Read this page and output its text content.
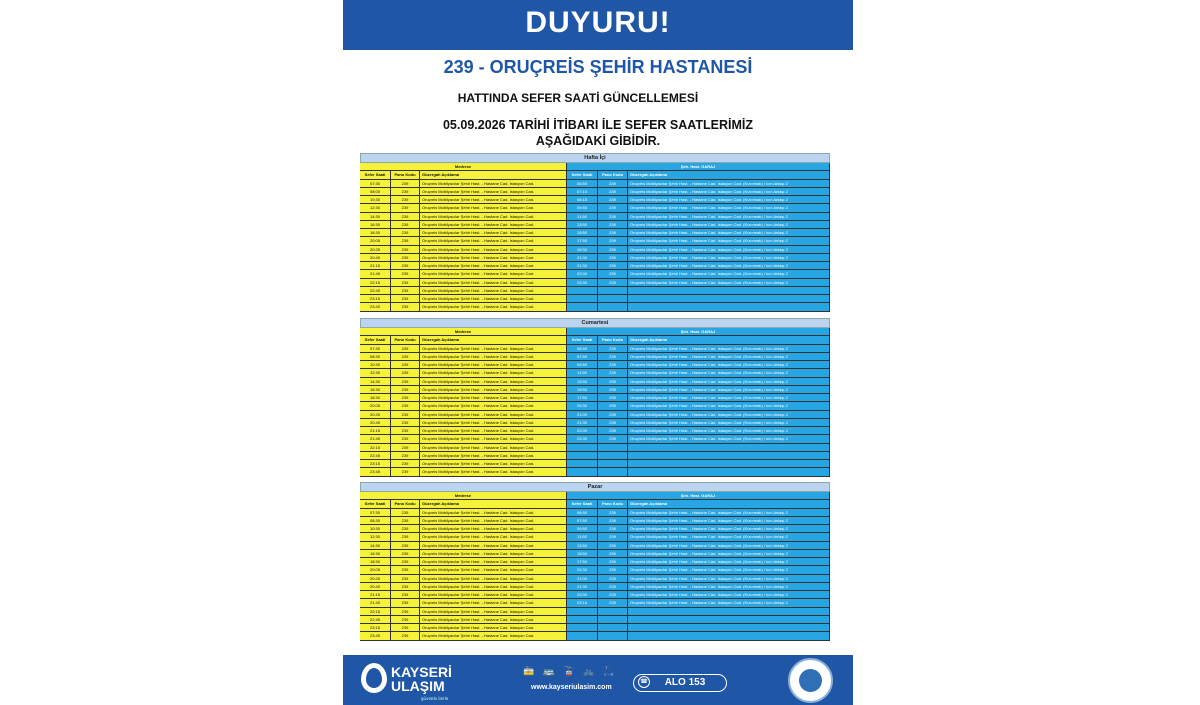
DUYURU!
239 - ORUÇREİS ŞEHİR HASTANESİ
HATTINDA SEFER SAATİ GÜNCELLEMESİ
05.09.2026 TARİHİ İTİBARI İLE SEFER SAATLERİMİZ
AŞAĞIDAKİ GİBİDİR.
Hafta İçi
Medrese
Sefer Saati	Pano Kodu	Güzergah Açıklama
07:30	239	Oruçreis Mobilyacılar Şehir Hast. - Hastane Cad. İstasyon Cad.
08:00	239	Oruçreis Mobilyacılar Şehir Hast. - Hastane Cad. İstasyon Cad.
10:30	239	Oruçreis Mobilyacılar Şehir Hast. - Hastane Cad. İstasyon Cad.
12:30	239	Oruçreis Mobilyacılar Şehir Hast. - Hastane Cad. İstasyon Cad.
14:30	239	Oruçreis Mobilyacılar Şehir Hast. - Hastane Cad. İstasyon Cad.
16:30	239	Oruçreis Mobilyacılar Şehir Hast. - Hastane Cad. İstasyon Cad.
18:30	239	Oruçreis Mobilyacılar Şehir Hast. - Hastane Cad. İstasyon Cad.
20:05	239	Oruçreis Mobilyacılar Şehir Hast. - Hastane Cad. İstasyon Cad.
20:25	239	Oruçreis Mobilyacılar Şehir Hast. - Hastane Cad. İstasyon Cad.
20:45	239	Oruçreis Mobilyacılar Şehir Hast. - Hastane Cad. İstasyon Cad.
21:15	239	Oruçreis Mobilyacılar Şehir Hast. - Hastane Cad. İstasyon Cad.
21:45	239	Oruçreis Mobilyacılar Şehir Hast. - Hastane Cad. İstasyon Cad.
22:15	239	Oruçreis Mobilyacılar Şehir Hast. - Hastane Cad. İstasyon Cad.
22:45	239	Oruçreis Mobilyacılar Şehir Hast. - Hastane Cad. İstasyon Cad.
23:15	239	Oruçreis Mobilyacılar Şehir Hast. - Hastane Cad. İstasyon Cad.
23:45	239	Oruçreis Mobilyacılar Şehir Hast. - Hastane Cad. İstasyon Cad.
Şeh. Hast. GARAJ
Sefer Saati	Pano Kodu	Güzergah Açıklama
06:50	239	Oruçreis Mobilyacılar Şehir Hast. - Hastane Cad. İstasyon Cad. (Kızıırmak) / Icın Anlaşı 2
07:10	239	Oruçreis Mobilyacılar Şehir Hast. - Hastane Cad. İstasyon Cad. (Kızıırmak) / Icın Anlaşı 2
08:15	239	Oruçreis Mobilyacılar Şehir Hast. - Hastane Cad. İstasyon Cad. (Kızıırmak) / Icın Anlaşı 2
09:50	239	Oruçreis Mobilyacılar Şehir Hast. - Hastane Cad. İstasyon Cad. (Kızıırmak) / Icın Anlaşı 2
11:50	239	Oruçreis Mobilyacılar Şehir Hast. - Hastane Cad. İstasyon Cad. (Kızıırmak) / Icın Anlaşı 2
13:50	239	Oruçreis Mobilyacılar Şehir Hast. - Hastane Cad. İstasyon Cad. (Kızıırmak) / Icın Anlaşı 2
15:50	239	Oruçreis Mobilyacılar Şehir Hast. - Hastane Cad. İstasyon Cad. (Kızıırmak) / Icın Anlaşı 2
17:50	239	Oruçreis Mobilyacılar Şehir Hast. - Hastane Cad. İstasyon Cad. (Kızıırmak) / Icın Anlaşı 2
19:30	239	Oruçreis Mobilyacılar Şehir Hast. - Hastane Cad. İstasyon Cad. (Kızıırmak) / Icın Anlaşı 2
21:00	239	Oruçreis Mobilyacılar Şehir Hast. - Hastane Cad. İstasyon Cad. (Kızıırmak) / Icın Anlaşı 2
21:30	239	Oruçreis Mobilyacılar Şehir Hast. - Hastane Cad. İstasyon Cad. (Kızıırmak) / Icın Anlaşı 2
22:00	239	Oruçreis Mobilyacılar Şehir Hast. - Hastane Cad. İstasyon Cad. (Kızıırmak) / Icın Anlaşı 2
23:30	239	Oruçreis Mobilyacılar Şehir Hast. - Hastane Cad. İstasyon Cad. (Kızıırmak) / Icın Anlaşı 2
Cumartesi
Medrese
Sefer Saati	Pano Kodu	Güzergah Açıklama
07:30	239	Oruçreis Mobilyacılar Şehir Hast. - Hastane Cad. İstasyon Cad.
08:30	239	Oruçreis Mobilyacılar Şehir Hast. - Hastane Cad. İstasyon Cad.
10:30	239	Oruçreis Mobilyacılar Şehir Hast. - Hastane Cad. İstasyon Cad.
12:30	239	Oruçreis Mobilyacılar Şehir Hast. - Hastane Cad. İstasyon Cad.
14:30	239	Oruçreis Mobilyacılar Şehir Hast. - Hastane Cad. İstasyon Cad.
16:30	239	Oruçreis Mobilyacılar Şehir Hast. - Hastane Cad. İstasyon Cad.
18:30	239	Oruçreis Mobilyacılar Şehir Hast. - Hastane Cad. İstasyon Cad.
20:05	239	Oruçreis Mobilyacılar Şehir Hast. - Hastane Cad. İstasyon Cad.
20:25	239	Oruçreis Mobilyacılar Şehir Hast. - Hastane Cad. İstasyon Cad.
20:45	239	Oruçreis Mobilyacılar Şehir Hast. - Hastane Cad. İstasyon Cad.
21:15	239	Oruçreis Mobilyacılar Şehir Hast. - Hastane Cad. İstasyon Cad.
21:45	239	Oruçreis Mobilyacılar Şehir Hast. - Hastane Cad. İstasyon Cad.
22:15	239	Oruçreis Mobilyacılar Şehir Hast. - Hastane Cad. İstasyon Cad.
22:45	239	Oruçreis Mobilyacılar Şehir Hast. - Hastane Cad. İstasyon Cad.
23:15	239	Oruçreis Mobilyacılar Şehir Hast. - Hastane Cad. İstasyon Cad.
23:45	239	Oruçreis Mobilyacılar Şehir Hast. - Hastane Cad. İstasyon Cad.
Şeh. Hast. GARAJ
Sefer Saati	Pano Kodu	Güzergah Açıklama
06:50	239	Oruçreis Mobilyacılar Şehir Hast. - Hastane Cad. İstasyon Cad. (Kızıırmak) / Icın Anlaşı 2
07:50	239	Oruçreis Mobilyacılar Şehir Hast. - Hastane Cad. İstasyon Cad. (Kızıırmak) / Icın Anlaşı 2
09:50	239	Oruçreis Mobilyacılar Şehir Hast. - Hastane Cad. İstasyon Cad. (Kızıırmak) / Icın Anlaşı 2
11:50	239	Oruçreis Mobilyacılar Şehir Hast. - Hastane Cad. İstasyon Cad. (Kızıırmak) / Icın Anlaşı 2
13:50	239	Oruçreis Mobilyacılar Şehir Hast. - Hastane Cad. İstasyon Cad. (Kızıırmak) / Icın Anlaşı 2
15:50	239	Oruçreis Mobilyacılar Şehir Hast. - Hastane Cad. İstasyon Cad. (Kızıırmak) / Icın Anlaşı 2
17:50	239	Oruçreis Mobilyacılar Şehir Hast. - Hastane Cad. İstasyon Cad. (Kızıırmak) / Icın Anlaşı 2
20:30	239	Oruçreis Mobilyacılar Şehir Hast. - Hastane Cad. İstasyon Cad. (Kızıırmak) / Icın Anlaşı 2
21:00	239	Oruçreis Mobilyacılar Şehir Hast. - Hastane Cad. İstasyon Cad. (Kızıırmak) / Icın Anlaşı 2
21:30	239	Oruçreis Mobilyacılar Şehir Hast. - Hastane Cad. İstasyon Cad. (Kızıırmak) / Icın Anlaşı 2
22:00	239	Oruçreis Mobilyacılar Şehir Hast. - Hastane Cad. İstasyon Cad. (Kızıırmak) / Icın Anlaşı 2
23:30	239	Oruçreis Mobilyacılar Şehir Hast. - Hastane Cad. İstasyon Cad. (Kızıırmak) / Icın Anlaşı 2
Pazar
Medrese
Sefer Saati	Pano Kodu	Güzergah Açıklama
07:30	239	Oruçreis Mobilyacılar Şehir Hast. - Hastane Cad. İstasyon Cad.
08:30	239	Oruçreis Mobilyacılar Şehir Hast. - Hastane Cad. İstasyon Cad.
10:30	239	Oruçreis Mobilyacılar Şehir Hast. - Hastane Cad. İstasyon Cad.
12:30	239	Oruçreis Mobilyacılar Şehir Hast. - Hastane Cad. İstasyon Cad.
14:30	239	Oruçreis Mobilyacılar Şehir Hast. - Hastane Cad. İstasyon Cad.
16:30	239	Oruçreis Mobilyacılar Şehir Hast. - Hastane Cad. İstasyon Cad.
18:30	239	Oruçreis Mobilyacılar Şehir Hast. - Hastane Cad. İstasyon Cad.
20:05	239	Oruçreis Mobilyacılar Şehir Hast. - Hastane Cad. İstasyon Cad.
20:25	239	Oruçreis Mobilyacılar Şehir Hast. - Hastane Cad. İstasyon Cad.
20:45	239	Oruçreis Mobilyacılar Şehir Hast. - Hastane Cad. İstasyon Cad.
21:15	239	Oruçreis Mobilyacılar Şehir Hast. - Hastane Cad. İstasyon Cad.
21:45	239	Oruçreis Mobilyacılar Şehir Hast. - Hastane Cad. İstasyon Cad.
22:15	239	Oruçreis Mobilyacılar Şehir Hast. - Hastane Cad. İstasyon Cad.
22:45	239	Oruçreis Mobilyacılar Şehir Hast. - Hastane Cad. İstasyon Cad.
23:15	239	Oruçreis Mobilyacılar Şehir Hast. - Hastane Cad. İstasyon Cad.
23:45	239	Oruçreis Mobilyacılar Şehir Hast. - Hastane Cad. İstasyon Cad.
Şeh. Hast. GARAJ
Sefer Saati	Pano Kodu	Güzergah Açıklama
06:50	239	Oruçreis Mobilyacılar Şehir Hast. - Hastane Cad. İstasyon Cad. (Kızıırmak) / Icın Anlaşı 2
07:50	239	Oruçreis Mobilyacılar Şehir Hast. - Hastane Cad. İstasyon Cad. (Kızıırmak) / Icın Anlaşı 2
09:50	239	Oruçreis Mobilyacılar Şehir Hast. - Hastane Cad. İstasyon Cad. (Kızıırmak) / Icın Anlaşı 2
11:50	239	Oruçreis Mobilyacılar Şehir Hast. - Hastane Cad. İstasyon Cad. (Kızıırmak) / Icın Anlaşı 2
13:50	239	Oruçreis Mobilyacılar Şehir Hast. - Hastane Cad. İstasyon Cad. (Kızıırmak) / Icın Anlaşı 2
15:50	239	Oruçreis Mobilyacılar Şehir Hast. - Hastane Cad. İstasyon Cad. (Kızıırmak) / Icın Anlaşı 2
17:50	239	Oruçreis Mobilyacılar Şehir Hast. - Hastane Cad. İstasyon Cad. (Kızıırmak) / Icın Anlaşı 2
20:30	239	Oruçreis Mobilyacılar Şehir Hast. - Hastane Cad. İstasyon Cad. (Kızıırmak) / Icın Anlaşı 2
21:00	239	Oruçreis Mobilyacılar Şehir Hast. - Hastane Cad. İstasyon Cad. (Kızıırmak) / Icın Anlaşı 2
21:30	239	Oruçreis Mobilyacılar Şehir Hast. - Hastane Cad. İstasyon Cad. (Kızıırmak) / Icın Anlaşı 2
22:00	239	Oruçreis Mobilyacılar Şehir Hast. - Hastane Cad. İstasyon Cad. (Kızıırmak) / Icın Anlaşı 2
23:10	239	Oruçreis Mobilyacılar Şehir Hast. - Hastane Cad. İstasyon Cad. (Kızıırmak) / Icın Anlaşı 2
KAYSERİ ULAŞIM
güvenle ilerle
🚋 🚌 🚡 🚲 🛴
www.kayseriulasim.com	ALO 153
☎
